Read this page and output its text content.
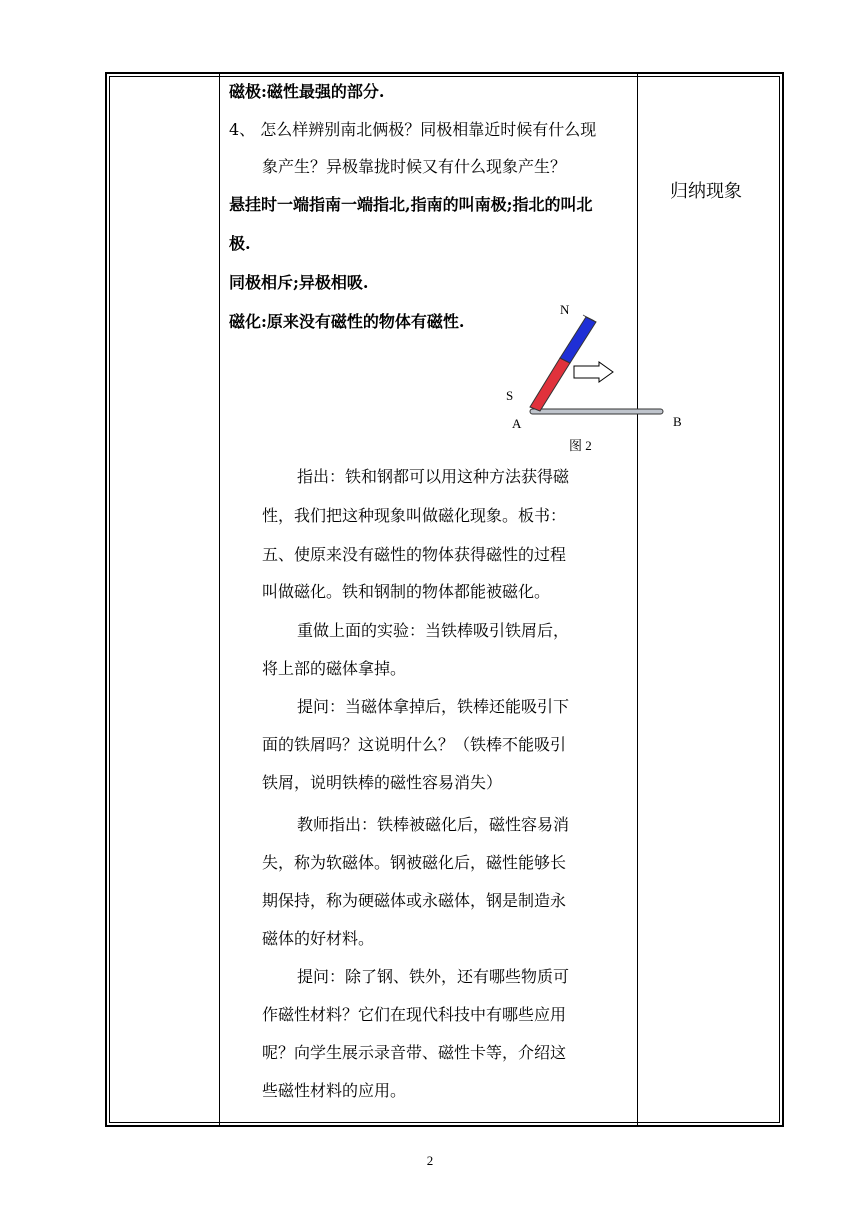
磁极:磁性最强的部分.
4、 怎么样辨别南北俩极？同极相靠近时候有什么现
象产生？异极靠拢时候又有什么现象产生？
悬挂时一端指南一端指北,指南的叫南极;指北的叫北
极.
同极相斥;异极相吸.
磁化:原来没有磁性的物体有磁性.
归纳现象
N
S
A	B
图 2
指出：铁和钢都可以用这种方法获得磁
性，我们把这种现象叫做磁化现象。板书：
五、使原来没有磁性的物体获得磁性的过程
叫做磁化。铁和钢制的物体都能被磁化。
重做上面的实验：当铁棒吸引铁屑后，
将上部的磁体拿掉。
提问：当磁体拿掉后，铁棒还能吸引下
面的铁屑吗？这说明什么？（铁棒不能吸引
铁屑，说明铁棒的磁性容易消失）
教师指出：铁棒被磁化后，磁性容易消
失，称为软磁体。钢被磁化后，磁性能够长
期保持，称为硬磁体或永磁体，钢是制造永
磁体的好材料。
提问：除了钢、铁外，还有哪些物质可
作磁性材料？它们在现代科技中有哪些应用
呢？向学生展示录音带、磁性卡等，介绍这
些磁性材料的应用。
2
